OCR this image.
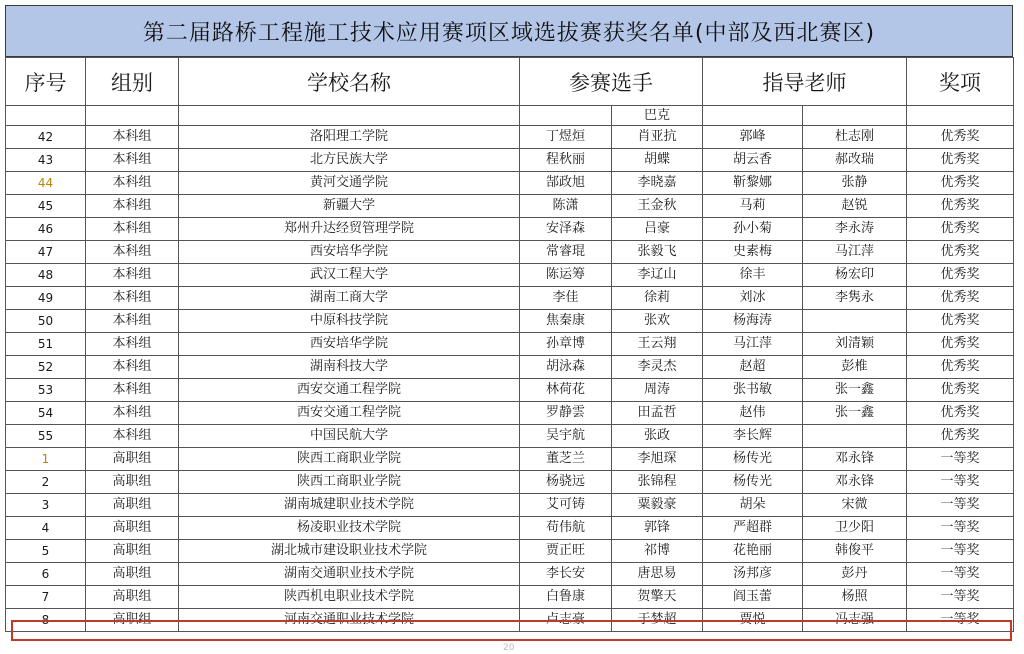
第二届路桥工程施工技术应用赛项区域选拔赛获奖名单(中部及西北赛区)
序号	组别	学校名称	参赛选手		指导老师		奖项
				巴克			
42	本科组	洛阳理工学院	丁煜烜	肖亚抗	郭峰	杜志刚	优秀奖
43	本科组	北方民族大学	程秋丽	胡蝶	胡云香	郝改瑞	优秀奖
44	本科组	黄河交通学院	郜政旭	李晓嘉	靳黎娜	张静	优秀奖
45	本科组	新疆大学	陈潇	王金秋	马莉	赵锐	优秀奖
46	本科组	郑州升达经贸管理学院	安泽森	吕豪	孙小菊	李永涛	优秀奖
47	本科组	西安培华学院	常睿琨	张毅飞	史素梅	马江萍	优秀奖
48	本科组	武汉工程大学	陈运筹	李辽山	徐丰	杨宏印	优秀奖
49	本科组	湖南工商大学	李佳	徐莉	刘冰	李隽永	优秀奖
50	本科组	中原科技学院	焦秦康	张欢	杨海涛		优秀奖
51	本科组	西安培华学院	孙章博	王云翔	马江萍	刘清颖	优秀奖
52	本科组	湖南科技大学	胡泳森	李灵杰	赵超	彭椎	优秀奖
53	本科组	西安交通工程学院	林荷花	周涛	张书敏	张一鑫	优秀奖
54	本科组	西安交通工程学院	罗静雲	田孟哲	赵伟	张一鑫	优秀奖
55	本科组	中国民航大学	吴宇航	张政	李长辉		优秀奖
1	高职组	陕西工商职业学院	董芝兰	李旭琛	杨传光	邓永锋	一等奖
2	高职组	陕西工商职业学院	杨骁远	张锦程	杨传光	邓永锋	一等奖
3	高职组	湖南城建职业技术学院	艾可铸	粟毅豪	胡朵	宋微	一等奖
4	高职组	杨凌职业技术学院	苟伟航	郭锋	严超群	卫少阳	一等奖
5	高职组	湖北城市建设职业技术学院	贾正旺	祁博	花艳丽	韩俊平	一等奖
6	高职组	湖南交通职业技术学院	李长安	唐思易	汤邦彦	彭丹	一等奖
7	高职组	陕西机电职业技术学院	白鲁康	贺擎天	阎玉蕾	杨照	一等奖
8	高职组	河南交通职业技术学院	卢志豪	于梦超	贾悦	冯志强	一等奖
20
